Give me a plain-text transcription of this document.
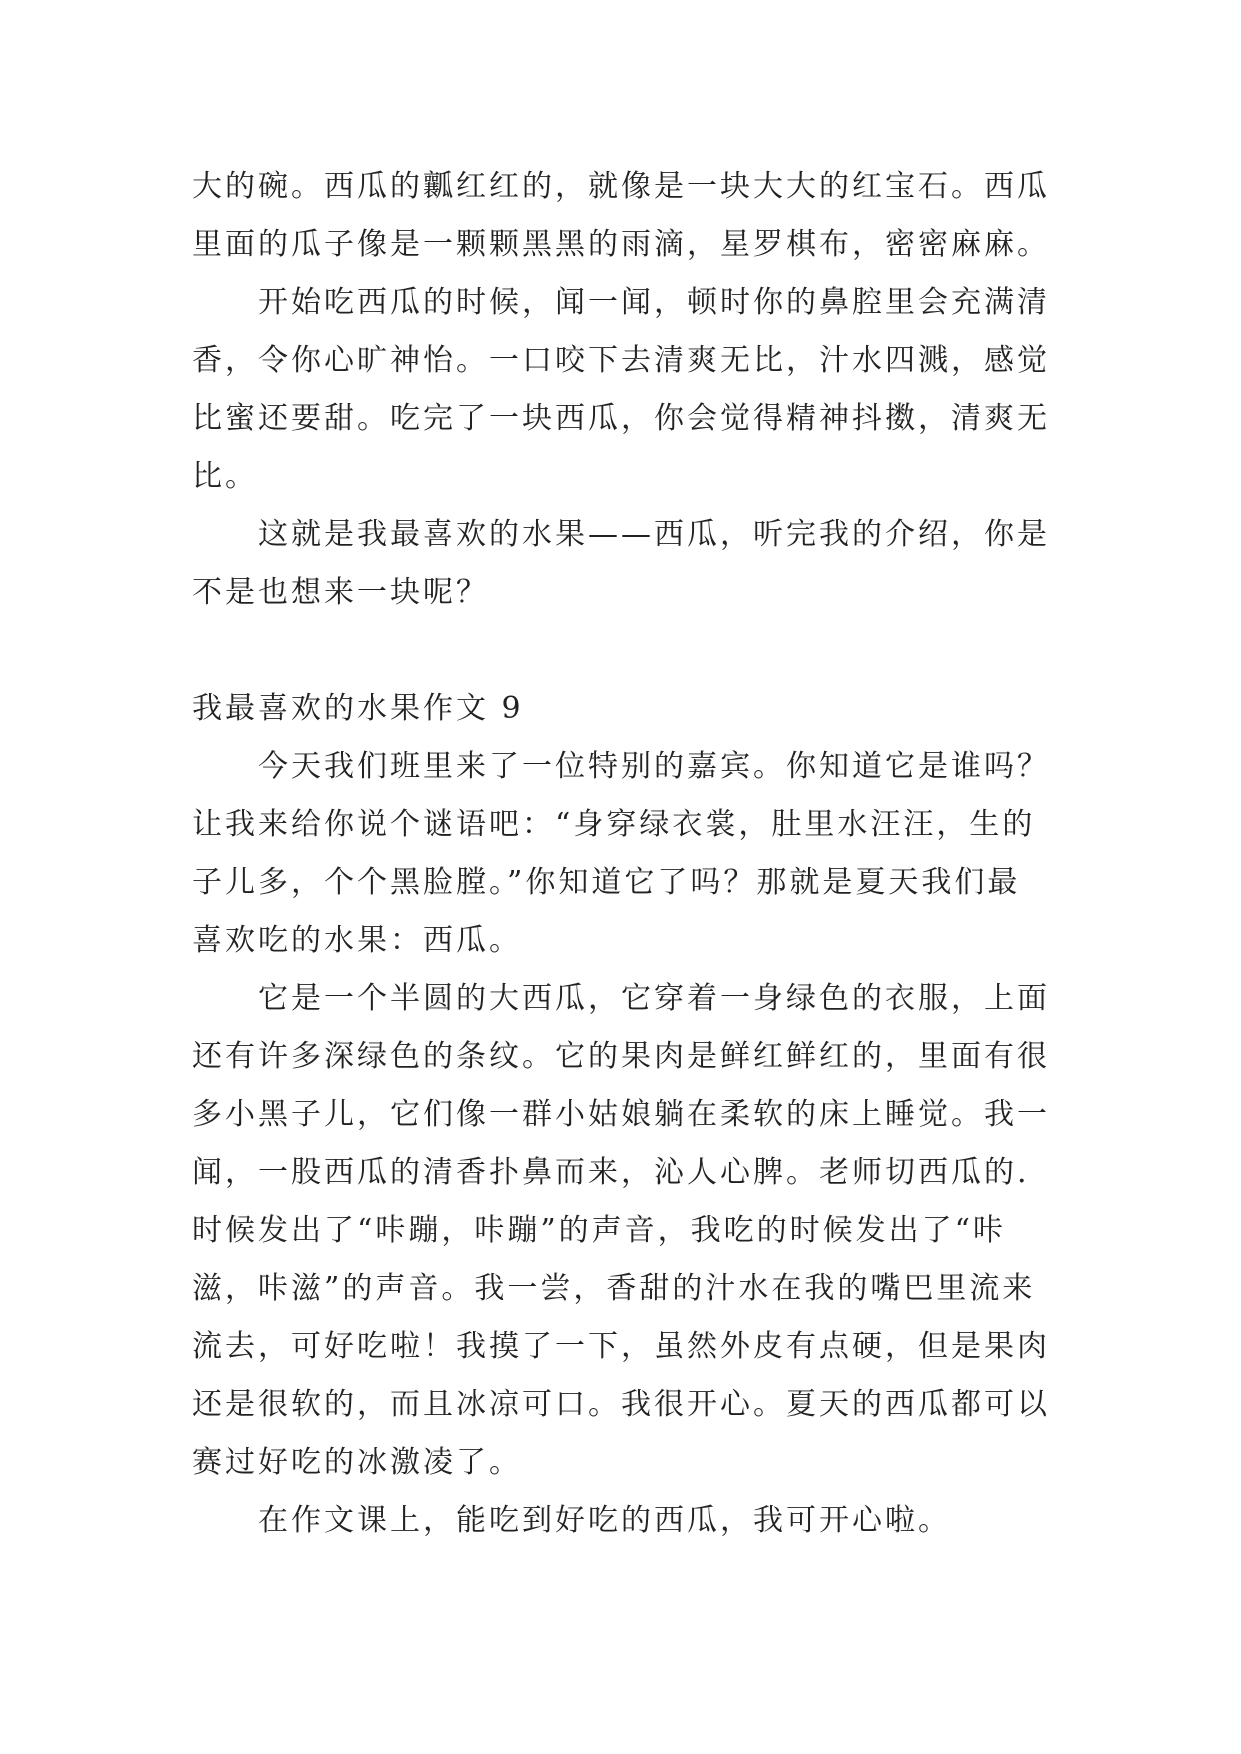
大的碗。西瓜的瓤红红的，就像是一块大大的红宝石。西瓜
里面的瓜子像是一颗颗黑黑的雨滴，星罗棋布，密密麻麻。
开始吃西瓜的时候，闻一闻，顿时你的鼻腔里会充满清
香，令你心旷神怡。一口咬下去清爽无比，汁水四溅，感觉
比蜜还要甜。吃完了一块西瓜，你会觉得精神抖擞，清爽无
比。
这就是我最喜欢的水果——西瓜，听完我的介绍，你是
不是也想来一块呢？
我最喜欢的水果作文 9
今天我们班里来了一位特别的嘉宾。你知道它是谁吗？
让我来给你说个谜语吧：“身穿绿衣裳，肚里水汪汪，生的
子儿多，个个黑脸膛。”你知道它了吗？那就是夏天我们最
喜欢吃的水果：西瓜。
它是一个半圆的大西瓜，它穿着一身绿色的衣服，上面
还有许多深绿色的条纹。它的果肉是鲜红鲜红的，里面有很
多小黑子儿，它们像一群小姑娘躺在柔软的床上睡觉。我一
闻，一股西瓜的清香扑鼻而来，沁人心脾。老师切西瓜的.
时候发出了“咔蹦，咔蹦”的声音，我吃的时候发出了“咔
滋，咔滋”的声音。我一尝，香甜的汁水在我的嘴巴里流来
流去，可好吃啦！我摸了一下，虽然外皮有点硬，但是果肉
还是很软的，而且冰凉可口。我很开心。夏天的西瓜都可以
赛过好吃的冰激凌了。
在作文课上，能吃到好吃的西瓜，我可开心啦。
